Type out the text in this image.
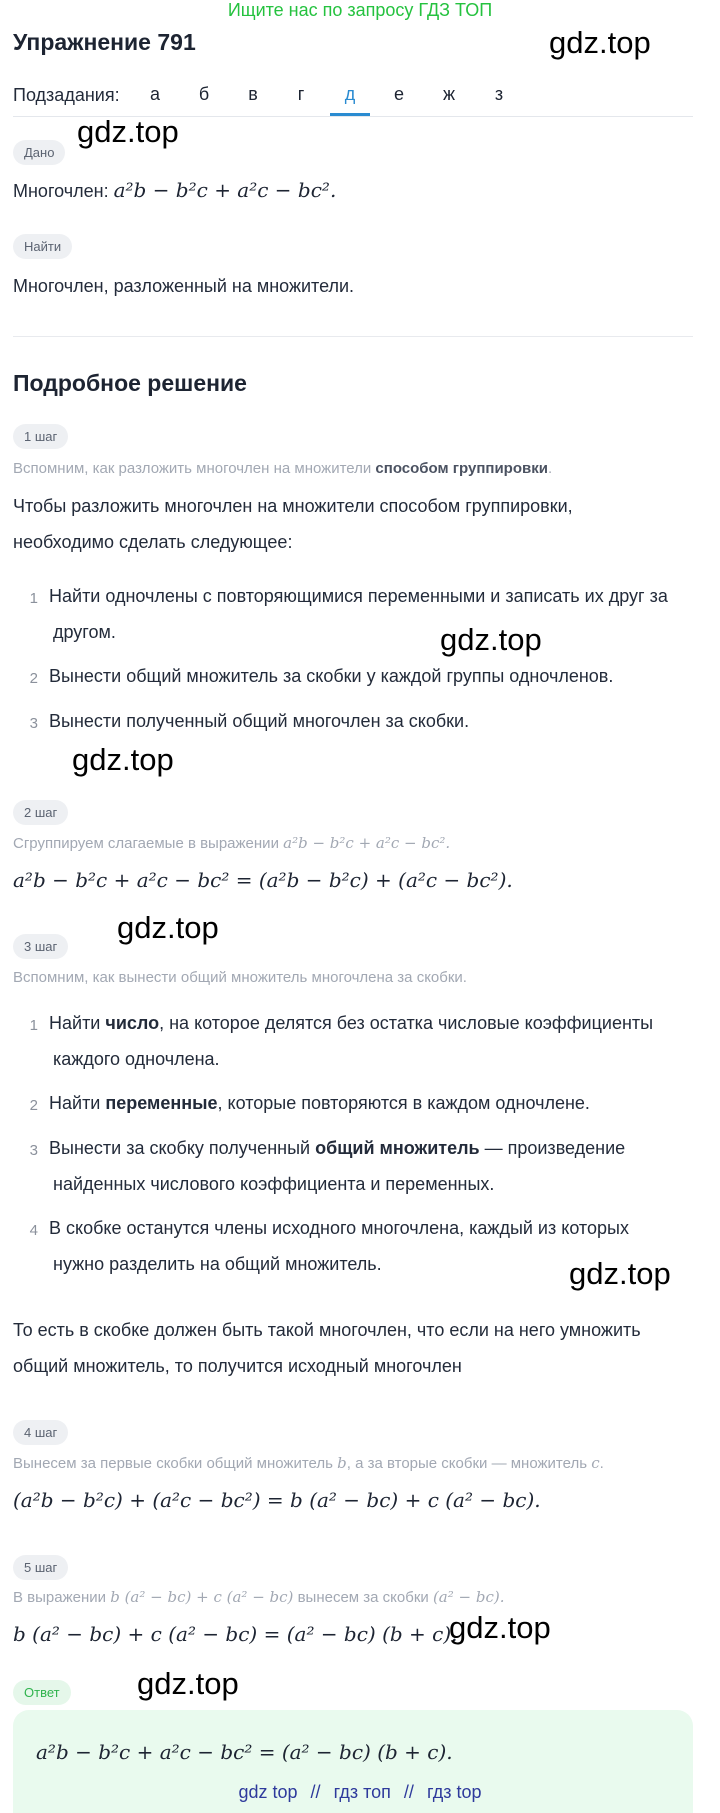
Ищите нас по запросу ГДЗ ТОП
Упражнение 791	gdz.top
Подзадания:	а	б	в	г	д	е	ж	з
Дано
gdz.top
Многочлен: a²b − b²c + a²c − bc².
Найти
Многочлен, разложенный на множители.
Подробное решение
1 шаг
Вспомним, как разложить многочлен на множители способом группировки.
Чтобы разложить многочлен на множители способом группировки,
необходимо сделать следующее:
1 Найти одночлены с повторяющимися переменными и записать их друг за
другом.	gdz.top
2 Вынести общий множитель за скобки у каждой группы одночленов.
3 Вынести полученный общий многочлен за скобки.
gdz.top
2 шаг
Сгруппируем слагаемые в выражении a²b − b²c + a²c − bc².
a²b − b²c + a²c − bc² = (a²b − b²c) + (a²c − bc²).
gdz.top
3 шаг
Вспомним, как вынести общий множитель многочлена за скобки.
1 Найти число, на которое делятся без остатка числовые коэффициенты
каждого одночлена.
2 Найти переменные, которые повторяются в каждом одночлене.
3 Вынести за скобку полученный общий множитель — произведение
найденных числового коэффициента и переменных.
4 В скобке останутся члены исходного многочлена, каждый из которых
нужно разделить на общий множитель.	gdz.top
То есть в скобке должен быть такой многочлен, что если на него умножить
общий множитель, то получится исходный многочлен
4 шаг
Вынесем за первые скобки общий множитель b, а за вторые скобки — множитель c.
(a²b − b²c) + (a²c − bc²) = b (a² − bc) + c (a² − bc).
5 шаг
В выражении b (a² − bc) + c (a² − bc) вынесем за скобки (a² − bc).
b (a² − bc) + c (a² − bc) = (a² − bc) (b + c).
gdz.top
Ответ	gdz.top
a²b − b²c + a²c − bc² = (a² − bc) (b + c).
gdz top // гдз топ // гдз top
